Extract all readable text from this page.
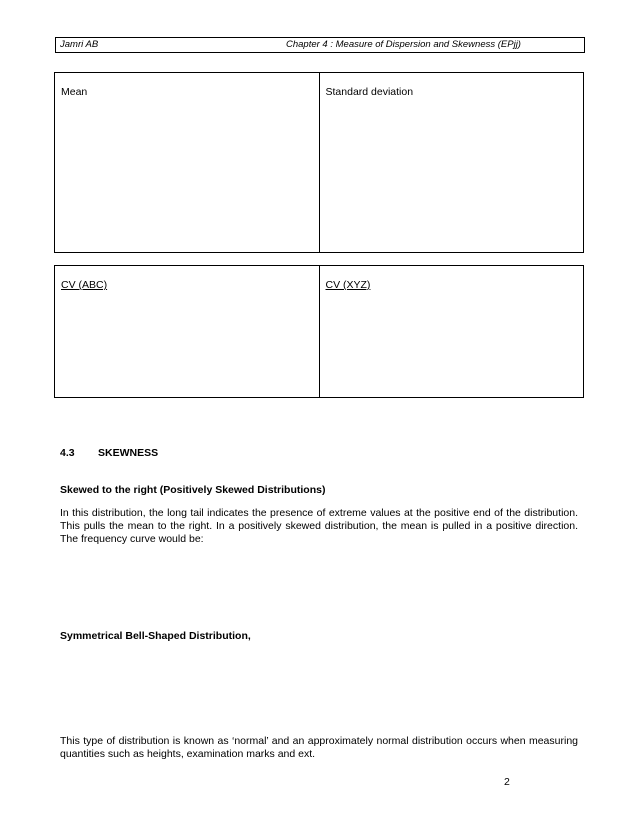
Jamri AB	Chapter 4 : Measure of Dispersion and Skewness (EPjj)
Mean	Standard deviation
CV (ABC)	CV (XYZ)
4.3 SKEWNESS
Skewed to the right (Positively Skewed Distributions)
In this distribution, the long tail indicates the presence of extreme values at the positive end of the distribution. This pulls the mean to the right. In a positively skewed distribution, the mean is pulled in a positive direction. The frequency curve would be:
Symmetrical Bell-Shaped Distribution,
This type of distribution is known as ‘normal’ and an approximately normal distribution occurs when measuring quantities such as heights, examination marks and ext.
2
